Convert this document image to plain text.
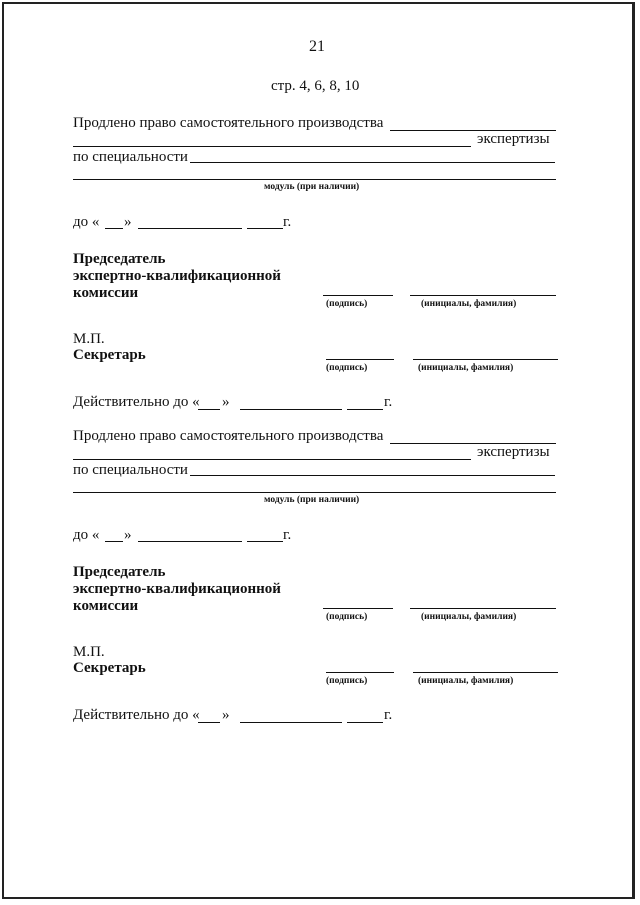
21
стр. 4, 6, 8, 10
Продлено право самостоятельного производства
экспертизы
по специальности
модуль (при наличии)
до « »	г.
Председатель
экспертно-квалификационной
комиссии
(подпись)	(инициалы, фамилия)
М.П.
Секретарь
(подпись)	(инициалы, фамилия)
Действительно до « »	г.
Продлено право самостоятельного производства
экспертизы
по специальности
модуль (при наличии)
до « »	г.
Председатель
экспертно-квалификационной
комиссии
(подпись)	(инициалы, фамилия)
М.П.
Секретарь
(подпись)	(инициалы, фамилия)
Действительно до « »	г.
